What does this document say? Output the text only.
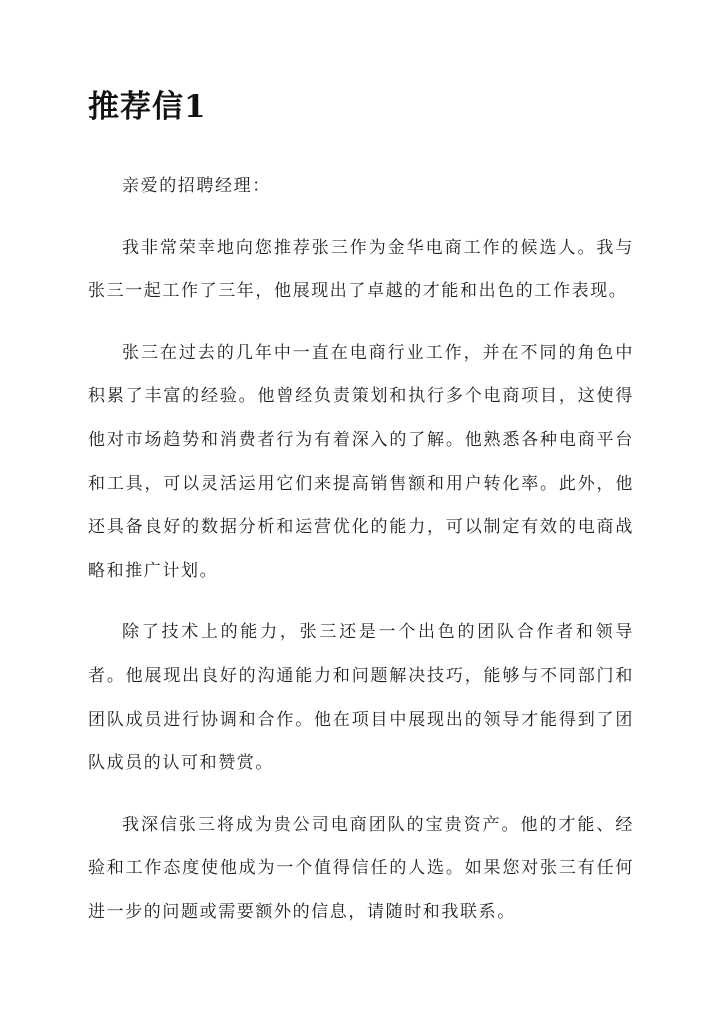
推荐信1

亲爱的招聘经理：

我非常荣幸地向您推荐张三作为金华电商工作的候选人。我与张三一起工作了三年，他展现出了卓越的才能和出色的工作表现。

张三在过去的几年中一直在电商行业工作，并在不同的角色中积累了丰富的经验。他曾经负责策划和执行多个电商项目，这使得他对市场趋势和消费者行为有着深入的了解。他熟悉各种电商平台和工具，可以灵活运用它们来提高销售额和用户转化率。此外，他还具备良好的数据分析和运营优化的能力，可以制定有效的电商战略和推广计划。

除了技术上的能力，张三还是一个出色的团队合作者和领导者。他展现出良好的沟通能力和问题解决技巧，能够与不同部门和团队成员进行协调和合作。他在项目中展现出的领导才能得到了团队成员的认可和赞赏。

我深信张三将成为贵公司电商团队的宝贵资产。他的才能、经验和工作态度使他成为一个值得信任的人选。如果您对张三有任何进一步的问题或需要额外的信息，请随时和我联系。
